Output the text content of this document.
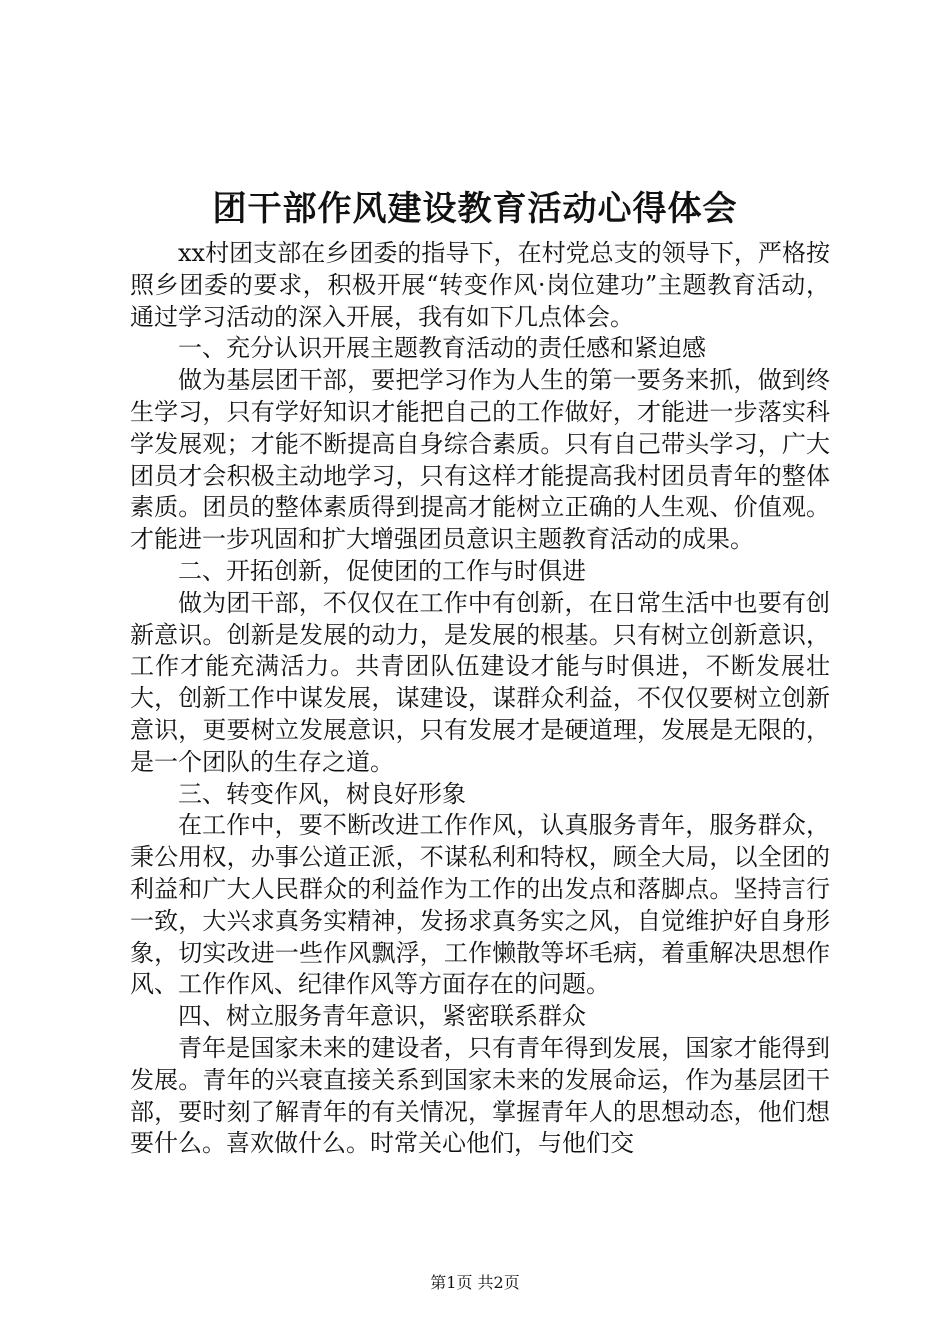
团干部作风建设教育活动心得体会

xx村团支部在乡团委的指导下，在村党总支的领导下，严格按照乡团委的要求，积极开展“转变作风·岗位建功”主题教育活动，通过学习活动的深入开展，我有如下几点体会。

一、充分认识开展主题教育活动的责任感和紧迫感

做为基层团干部，要把学习作为人生的第一要务来抓，做到终生学习，只有学好知识才能把自己的工作做好，才能进一步落实科学发展观；才能不断提高自身综合素质。只有自己带头学习，广大团员才会积极主动地学习，只有这样才能提高我村团员青年的整体素质。团员的整体素质得到提高才能树立正确的人生观、价值观。才能进一步巩固和扩大增强团员意识主题教育活动的成果。

二、开拓创新，促使团的工作与时俱进

做为团干部，不仅仅在工作中有创新，在日常生活中也要有创新意识。创新是发展的动力，是发展的根基。只有树立创新意识，工作才能充满活力。共青团队伍建设才能与时俱进，不断发展壮大，创新工作中谋发展，谋建设，谋群众利益，不仅仅要树立创新意识，更要树立发展意识，只有发展才是硬道理，发展是无限的，是一个团队的生存之道。

三、转变作风，树良好形象

在工作中，要不断改进工作作风，认真服务青年，服务群众，秉公用权，办事公道正派，不谋私利和特权，顾全大局，以全团的利益和广大人民群众的利益作为工作的出发点和落脚点。坚持言行一致，大兴求真务实精神，发扬求真务实之风，自觉维护好自身形象，切实改进一些作风飘浮，工作懒散等坏毛病，着重解决思想作风、工作作风、纪律作风等方面存在的问题。

四、树立服务青年意识，紧密联系群众

青年是国家未来的建设者，只有青年得到发展，国家才能得到发展。青年的兴衰直接关系到国家未来的发展命运，作为基层团干部，要时刻了解青年的有关情况，掌握青年人的思想动态，他们想要什么。喜欢做什么。时常关心他们，与他们交

第1页 共2页
